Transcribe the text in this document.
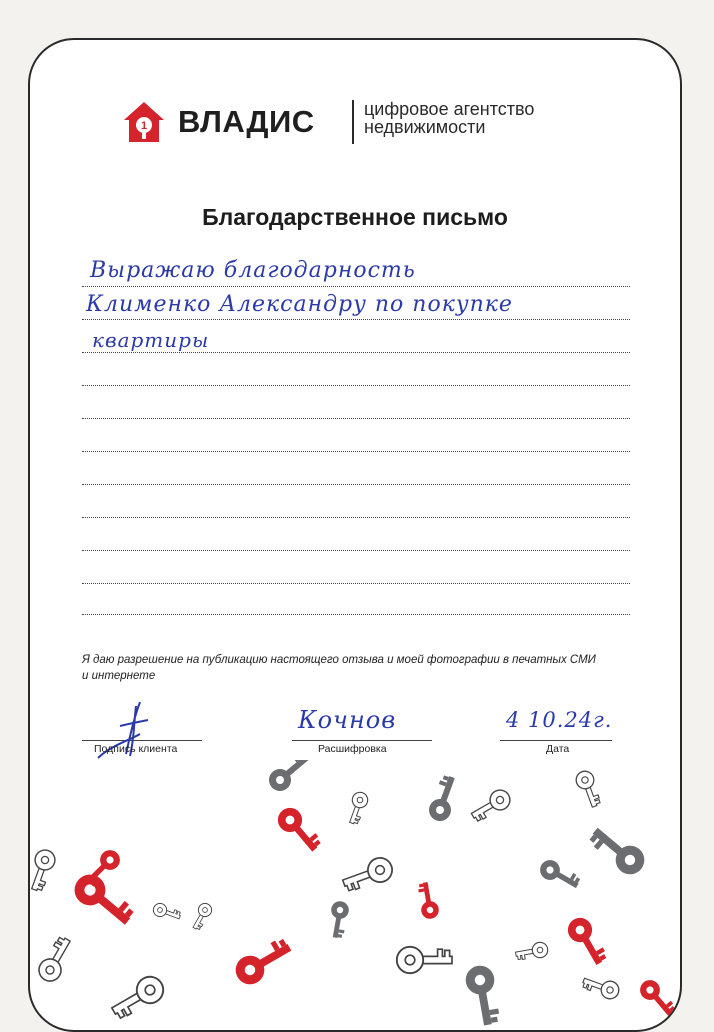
1 ВЛАДИС	цифровое агентство
недвижимости
Благодарственное письмо
Выражаю благодарность
Клименко Александру по покупке
квартиры
Я даю разрешение на публикацию настоящего отзыва и моей фотографии в печатных СМИ и интернете
Подпись клиента
Кочнов
Расшифровка
4 10.24г.
Дата
